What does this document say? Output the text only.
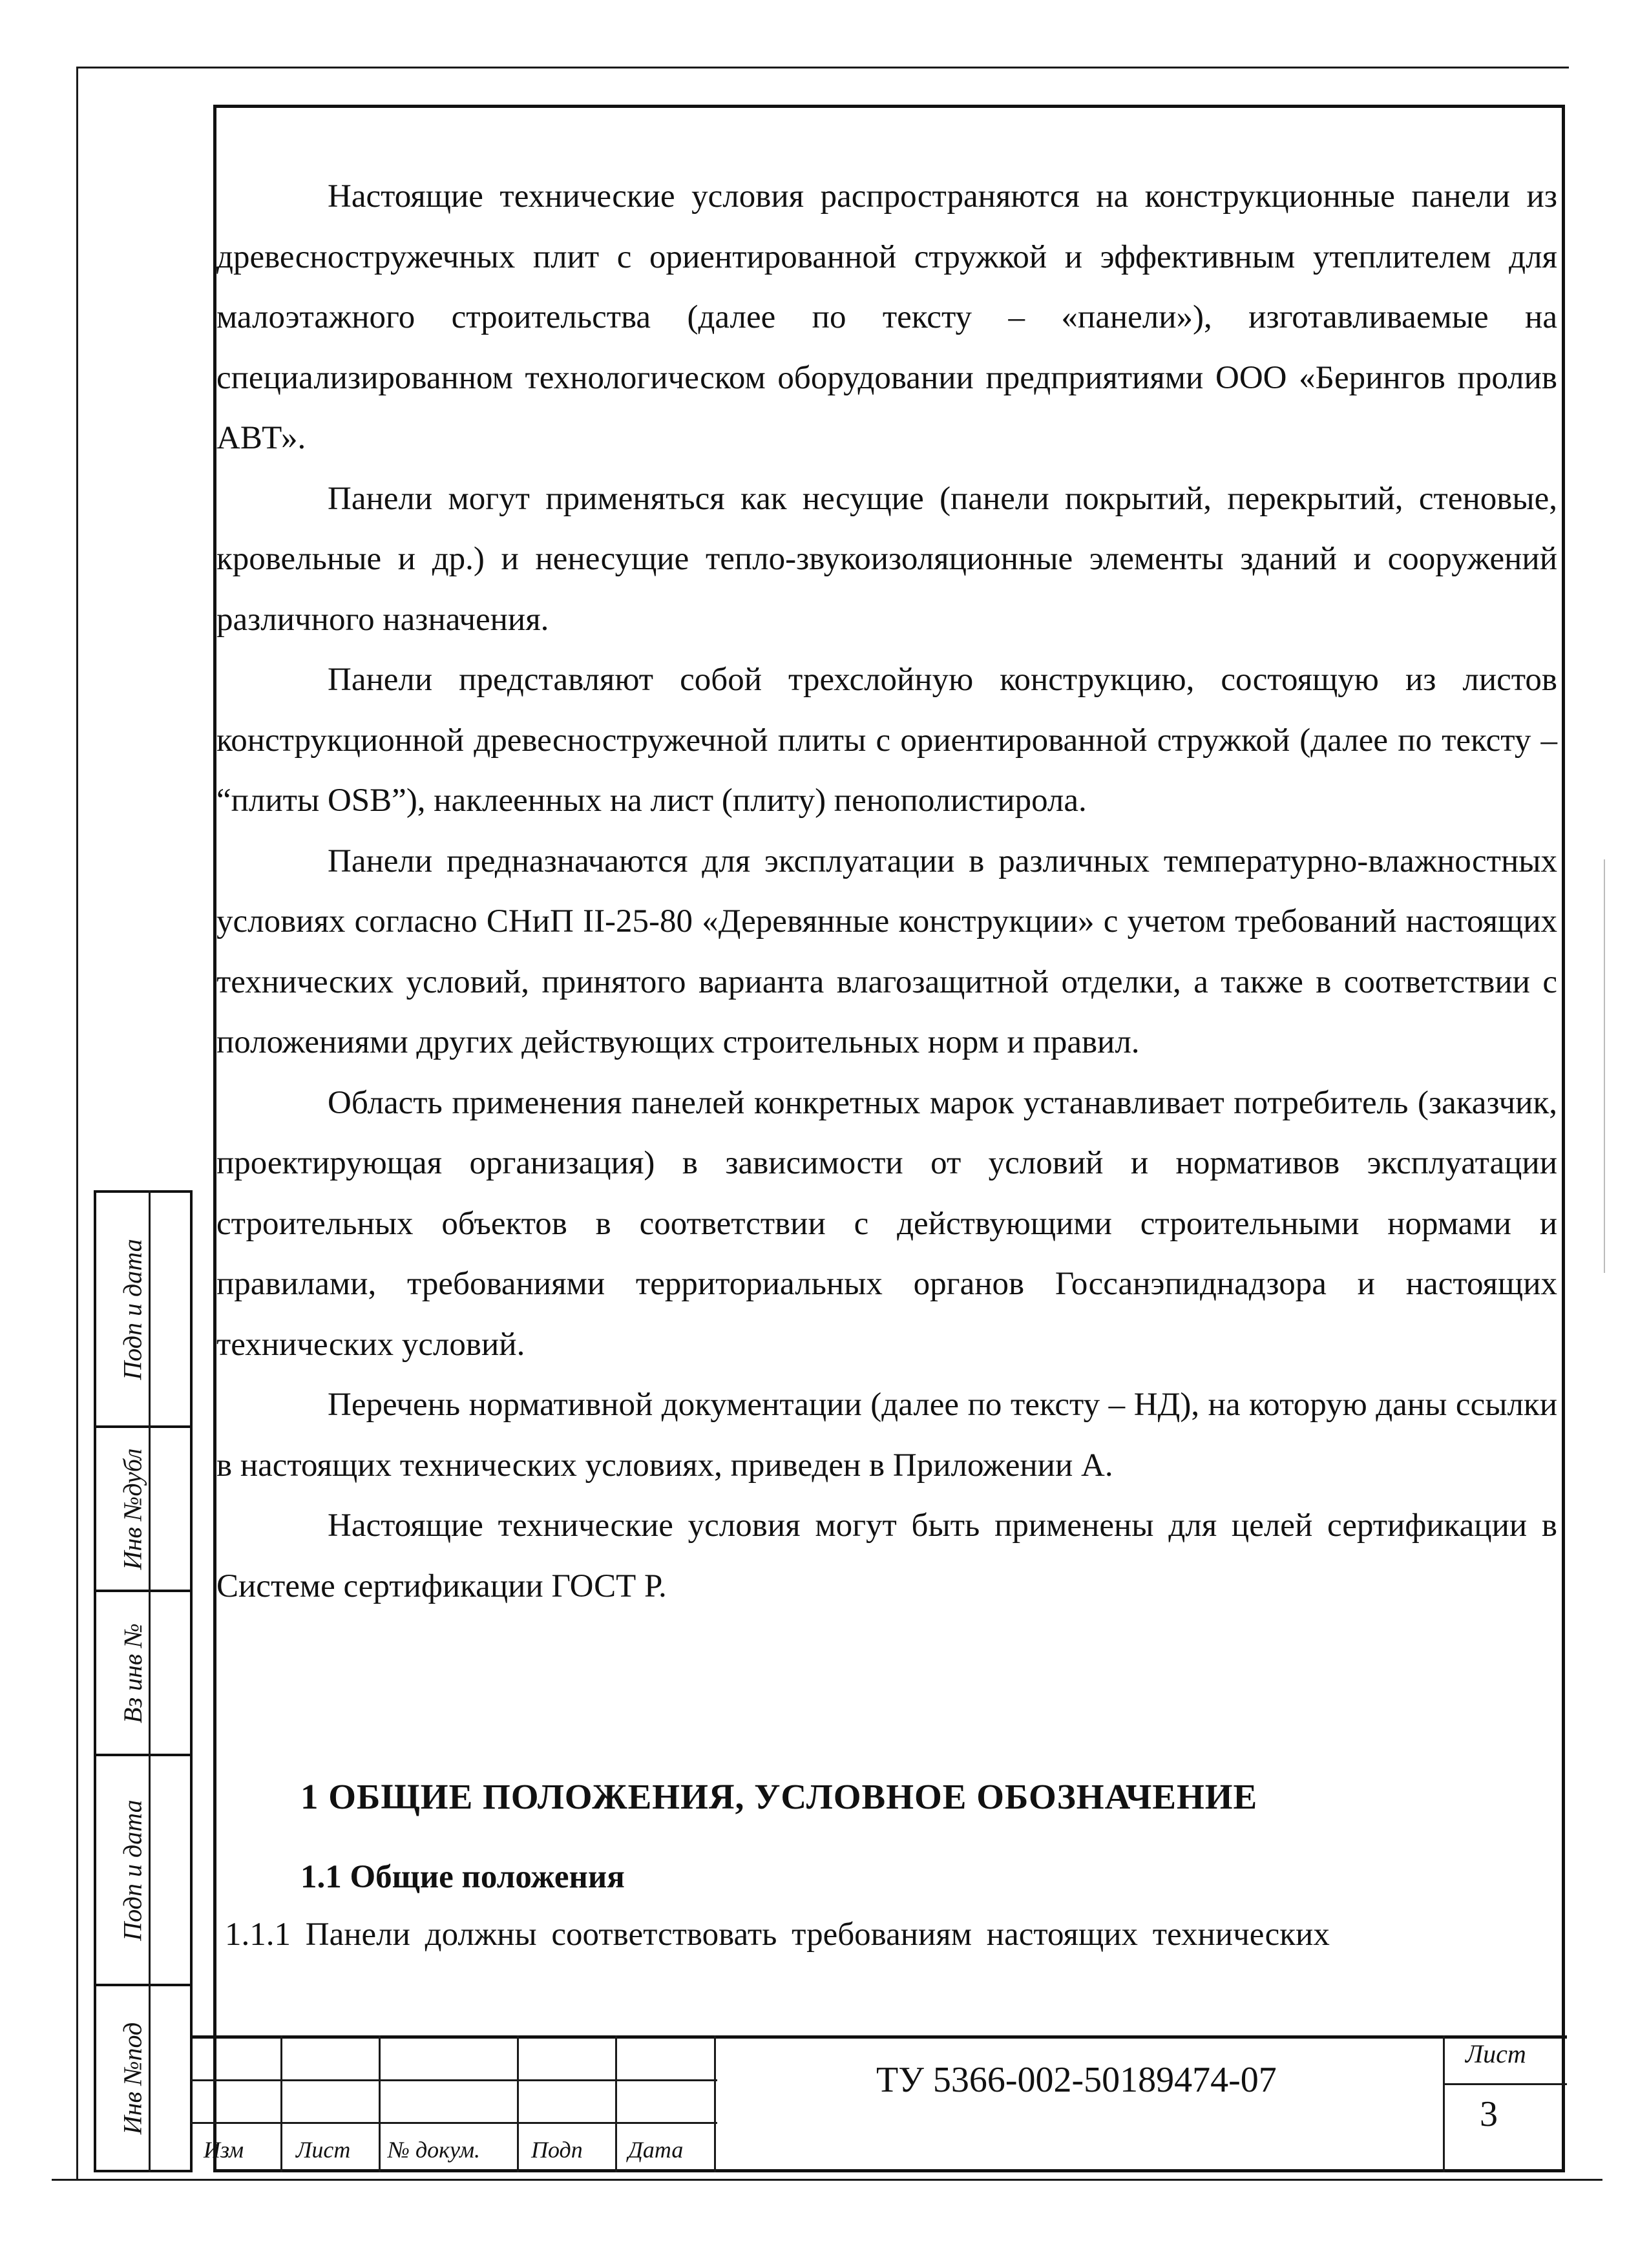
Подп и дата
Инв №дубл
Вз инв №
Подп и дата
Инв №под

Настоящие технические условия распространяются на конструкционные панели из древесностружечных плит с ориентированной стружкой и эффективным утеплителем для малоэтажного строительства (далее по тексту – «панели»), изготавливаемые на специализированном технологическом оборудовании предприятиями ООО «Берингов пролив АВТ».

Панели могут применяться как несущие (панели покрытий, перекрытий, стеновые, кровельные и др.) и ненесущие тепло-звукоизоляционные элементы зданий и сооружений различного назначения.

Панели представляют собой трехслойную конструкцию, состоящую из листов конструкционной древесностружечной плиты с ориентированной стружкой (далее по тексту – “плиты OSB”), наклеенных на лист (плиту) пенополистирола.

Панели предназначаются для эксплуатации в различных температурно-влажностных условиях согласно СНиП II-25-80 «Деревянные конструкции» с учетом требований настоящих технических условий, принятого варианта влагозащитной отделки, а также в соответствии с положениями других действующих строительных норм и правил.

Область применения панелей конкретных марок устанавливает потребитель (заказчик, проектирующая организация) в зависимости от условий и нормативов эксплуатации строительных объектов в соответствии с действующими строительными нормами и правилами, требованиями территориальных органов Госсанэпиднадзора и настоящих технических условий.

Перечень нормативной документации (далее по тексту – НД), на которую даны ссылки в настоящих технических условиях, приведен в Приложении А.

Настоящие технические условия могут быть применены для целей сертификации в Системе сертификации ГОСТ Р.

1 ОБЩИЕ ПОЛОЖЕНИЯ, УСЛОВНОЕ ОБОЗНАЧЕНИЕ
1.1 Общие положения
1.1.1 Панели должны соответствовать требованиям настоящих технических
Изм Лист № докум. Подп Дата
ТУ 5366-002-50189474-07
Лист
3
